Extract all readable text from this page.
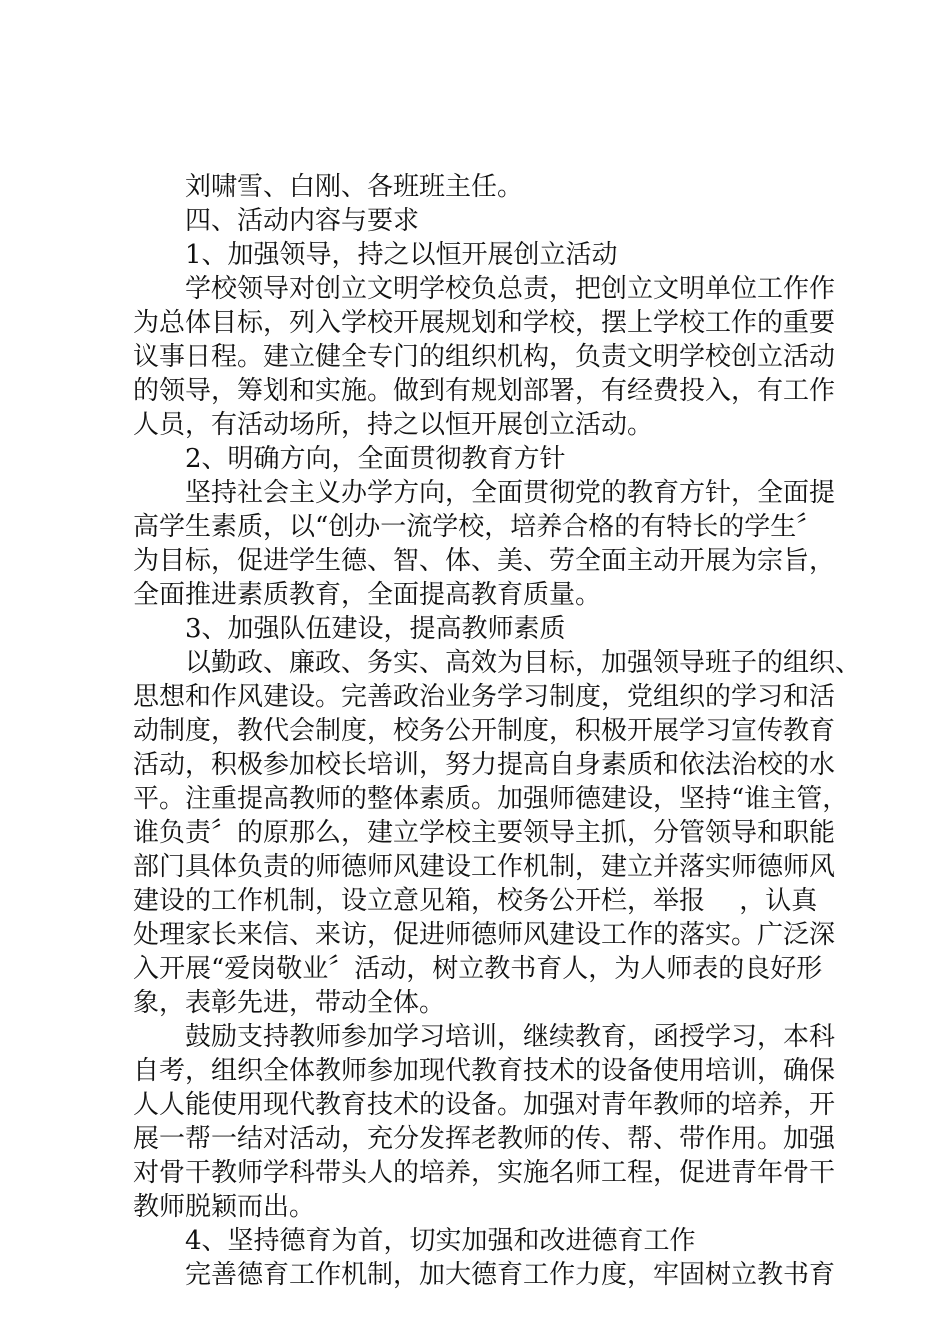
刘啸雪、白刚、各班班主任。
四、活动内容与要求
1、加强领导，持之以恒开展创立活动
学校领导对创立文明学校负总责，把创立文明单位工作作
为总体目标，列入学校开展规划和学校，摆上学校工作的重要
议事日程。建立健全专门的组织机构，负责文明学校创立活动
的领导，筹划和实施。做到有规划部署，有经费投入，有工作
人员，有活动场所，持之以恒开展创立活动。
2、明确方向，全面贯彻教育方针
坚持社会主义办学方向，全面贯彻党的教育方针，全面提
高学生素质，以“创办一流学校，培养合格的有特长的学生〞
为目标，促进学生德、智、体、美、劳全面主动开展为宗旨，
全面推进素质教育，全面提高教育质量。
3、加强队伍建设，提高教师素质
以勤政、廉政、务实、高效为目标，加强领导班子的组织、
思想和作风建设。完善政治业务学习制度，党组织的学习和活
动制度，教代会制度，校务公开制度，积极开展学习宣传教育
活动，积极参加校长培训，努力提高自身素质和依法治校的水
平。注重提高教师的整体素质。加强师德建设，坚持“谁主管，
谁负责〞的原那么，建立学校主要领导主抓，分管领导和职能
部门具体负责的师德师风建设工作机制，建立并落实师德师风
建设的工作机制，设立意见箱，校务公开栏，举报　 ，认真
处理家长来信、来访，促进师德师风建设工作的落实。广泛深
入开展“爱岗敬业〞活动，树立教书育人，为人师表的良好形
象，表彰先进，带动全体。
鼓励支持教师参加学习培训，继续教育，函授学习，本科
自考，组织全体教师参加现代教育技术的设备使用培训，确保
人人能使用现代教育技术的设备。加强对青年教师的培养，开
展一帮一结对活动，充分发挥老教师的传、帮、带作用。加强
对骨干教师学科带头人的培养，实施名师工程，促进青年骨干
教师脱颖而出。
4、坚持德育为首，切实加强和改进德育工作
完善德育工作机制，加大德育工作力度，牢固树立教书育
